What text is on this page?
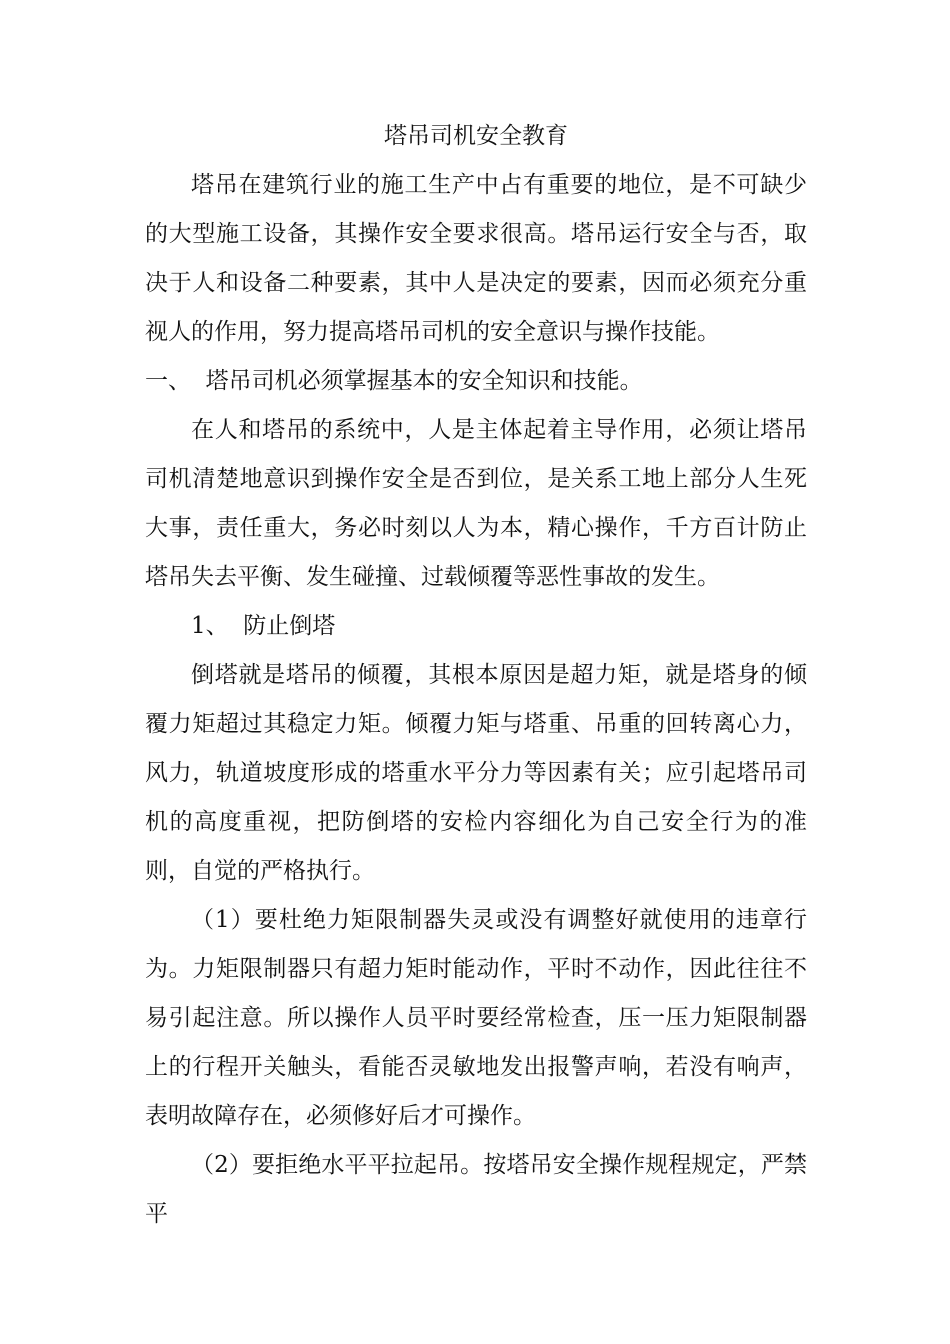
塔吊司机安全教育

塔吊在建筑行业的施工生产中占有重要的地位，是不可缺少的大型施工设备，其操作安全要求很高。塔吊运行安全与否，取决于人和设备二种要素，其中人是决定的要素，因而必须充分重视人的作用，努力提高塔吊司机的安全意识与操作技能。

一、  塔吊司机必须掌握基本的安全知识和技能。

在人和塔吊的系统中，人是主体起着主导作用，必须让塔吊司机清楚地意识到操作安全是否到位，是关系工地上部分人生死大事，责任重大，务必时刻以人为本，精心操作，千方百计防止塔吊失去平衡、发生碰撞、过载倾覆等恶性事故的发生。

1、  防止倒塔

倒塔就是塔吊的倾覆，其根本原因是超力矩，就是塔身的倾覆力矩超过其稳定力矩。倾覆力矩与塔重、吊重的回转离心力，风力，轨道坡度形成的塔重水平分力等因素有关；应引起塔吊司机的高度重视，把防倒塔的安检内容细化为自己安全行为的准则，自觉的严格执行。

（1）要杜绝力矩限制器失灵或没有调整好就使用的违章行为。力矩限制器只有超力矩时能动作，平时不动作，因此往往不易引起注意。所以操作人员平时要经常检查，压一压力矩限制器上的行程开关触头，看能否灵敏地发出报警声响，若没有响声，表明故障存在，必须修好后才可操作。

（2）要拒绝水平平拉起吊。按塔吊安全操作规程规定，严禁平
